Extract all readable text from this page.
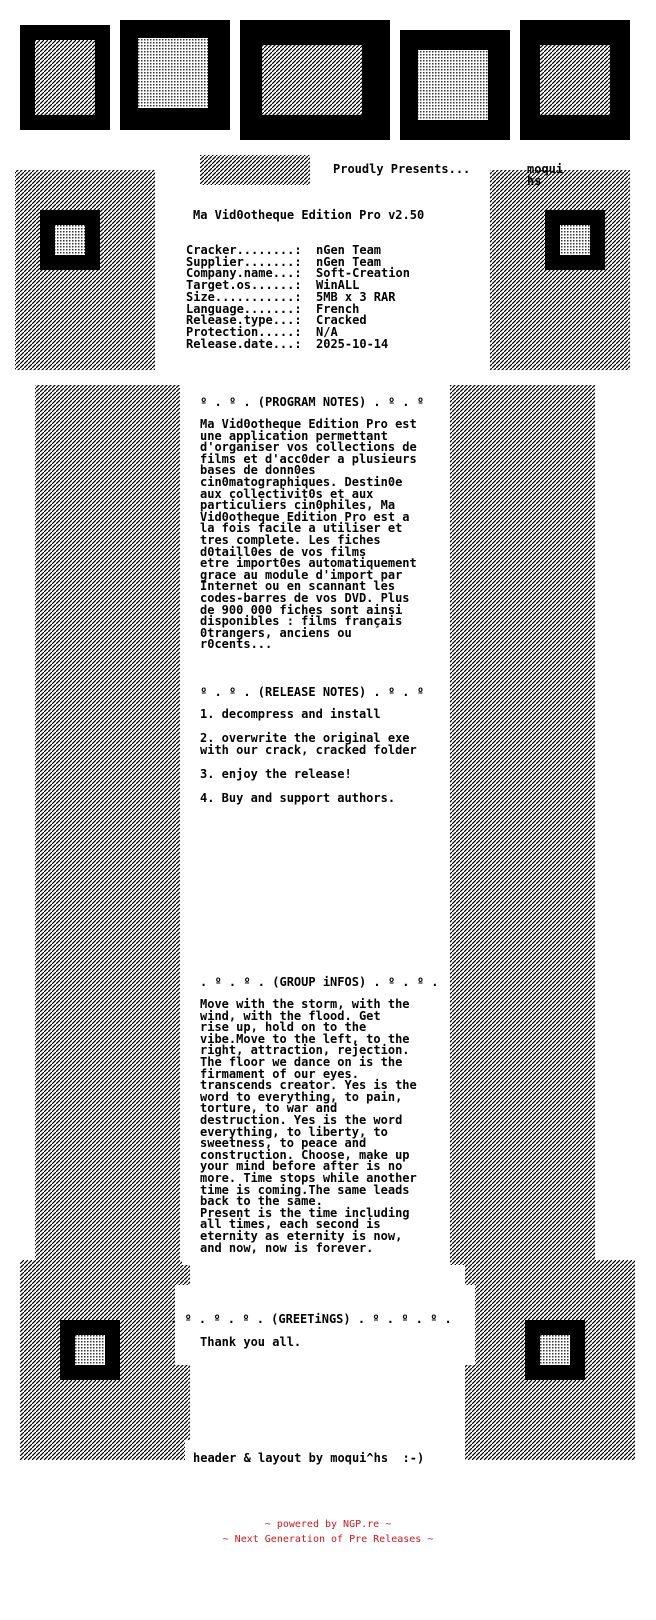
Proudly Presents...	moqui
hs
Ma Vid0otheque Edition Pro v2.50
Cracker........: nGen Team
Supplier.......: nGen Team
Company.name...: Soft-Creation
Target.os......: WinALL
Size...........: 5MB x 3 RAR
Language.......: French
Release.type...: Cracked
Protection.....: N/A
Release.date...: 2025-10-14
º . º . (PROGRAM NOTES) . º . º
Ma Vid0otheque Edition Pro est
une application permettant
d'organiser vos collections de
films et d'acc0der a plusieurs
bases de donn0es
cin0matographiques. Destin0e
aux collectivit0s et aux
particuliers cin0philes, Ma
Vid0otheque Edition Pro est a
la fois facile a utiliser et
tres complete. Les fiches
d0taill0es de vos films
etre import0es automatiquement
grace au module d'import par
Internet ou en scannant les
codes-barres de vos DVD. Plus
de 900 000 fiches sont ainsi
disponibles : films français
0trangers, anciens ou
r0cents...
º . º . (RELEASE NOTES) . º . º
1. decompress and install
2. overwrite the original exe
with our crack, cracked folder
3. enjoy the release!
4. Buy and support authors.
. º . º . (GROUP iNFOS) . º . º .
Move with the storm, with the
wind, with the flood. Get
rise up, hold on to the
vibe.Move to the left, to the
right, attraction, rejection.
The floor we dance on is the
firmament of our eyes.
transcends creator. Yes is the
word to everything, to pain,
torture, to war and
destruction. Yes is the word
everything, to liberty, to
sweetness, to peace and
construction. Choose, make up
your mind before after is no
more. Time stops while another
time is coming.The same leads
back to the same.
Present is the time including
all times, each second is
eternity as eternity is now,
and now, now is forever.
. º . º . º . (GREETiNGS) . º . º . º .
Thank you all.
header & layout by moqui^hs  :-)
~ powered by NGP.re ~
~ Next Generation of Pre Releases ~
